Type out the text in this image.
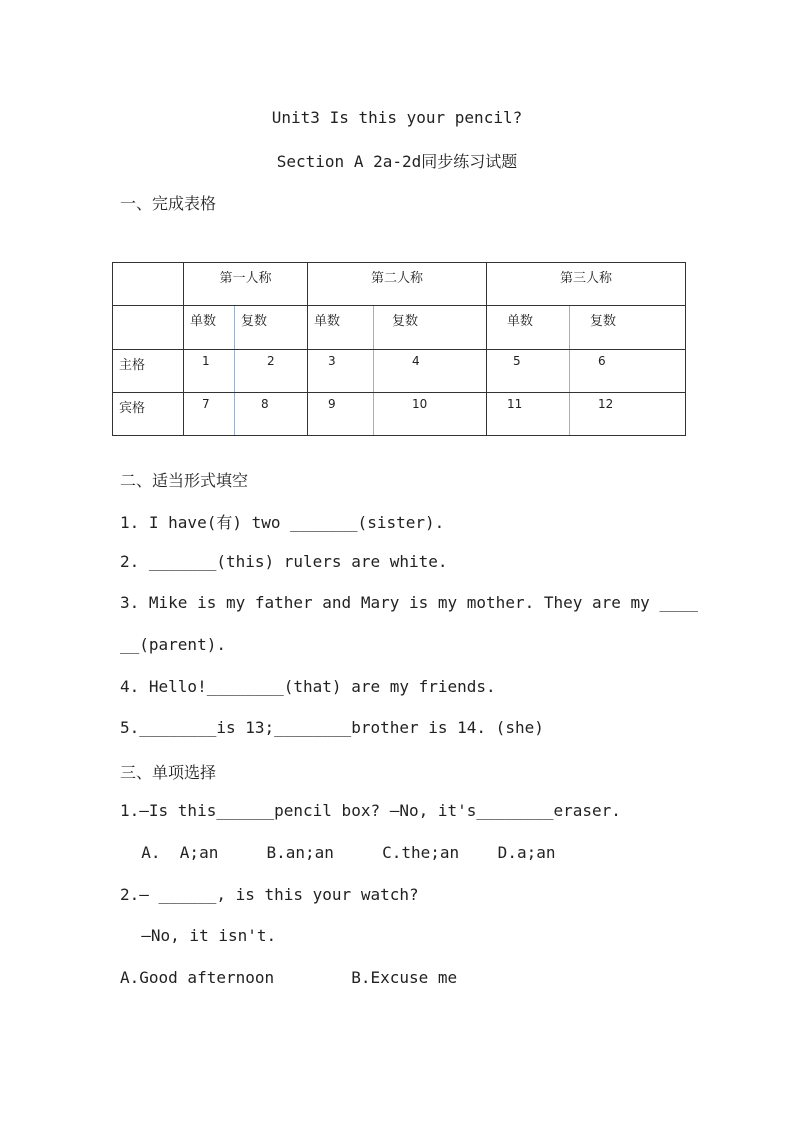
Unit3 Is this your pencil?
Section A 2a-2d同步练习试题
一、完成表格
	第一人称		第二人称		第三人称	
	单数	复数	单数	复数	单数	复数
主格	1	2	3	4	5	6
宾格	7	8	9	10	11	12
二、适当形式填空
1. I have(有) two _______(sister).
2. _______(this) rulers are white.
3. Mike is my father and Mary is my mother. They are my ____
__(parent).
4. Hello!________(that) are my friends.
5.________is 13;________brother is 14. (she)
三、单项选择
1.—Is this______pencil box? —No, it's________eraser.
A.  A;an     B.an;an     C.the;an    D.a;an
2.— ______, is this your watch?
—No, it isn't.
A.Good afternoon        B.Excuse me
